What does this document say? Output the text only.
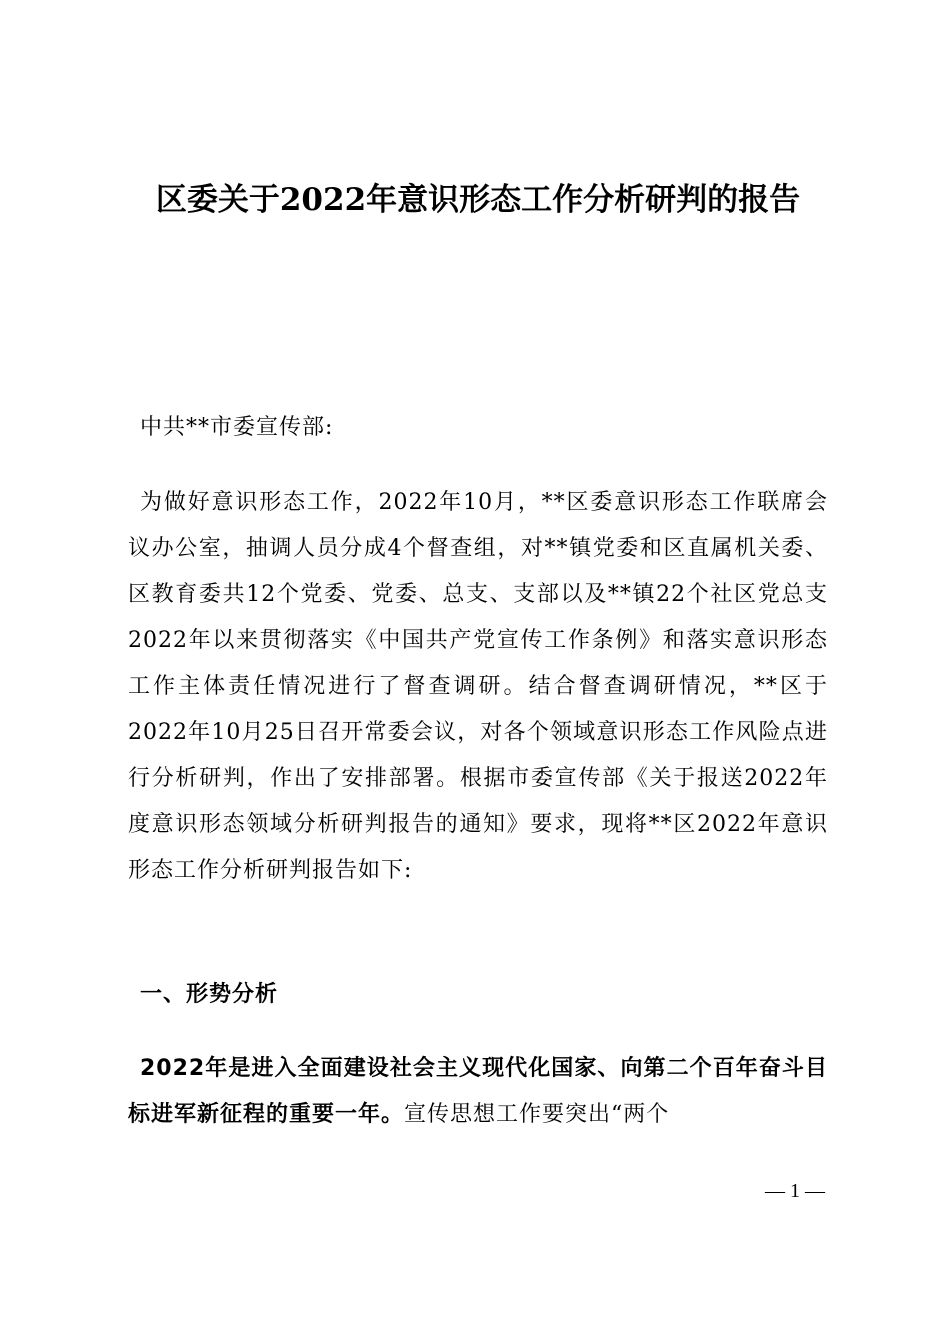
区委关于2022年意识形态工作分析研判的报告

中共**市委宣传部:

为做好意识形态工作，2022年10月，**区委意识形态工作联席会议办公室，抽调人员分成4个督查组，对**镇党委和区直属机关委、区教育委共12个党委、党委、总支、支部以及**镇22个社区党总支2022年以来贯彻落实《中国共产党宣传工作条例》和落实意识形态工作主体责任情况进行了督查调研。结合督查调研情况，**区于2022年10月25日召开常委会议，对各个领域意识形态工作风险点进行分析研判，作出了安排部署。根据市委宣传部《关于报送2022年度意识形态领域分析研判报告的通知》要求，现将**区2022年意识形态工作分析研判报告如下:

一、形势分析

2022年是进入全面建设社会主义现代化国家、向第二个百年奋斗目标进军新征程的重要一年。宣传思想工作要突出“两个

— 1 —
